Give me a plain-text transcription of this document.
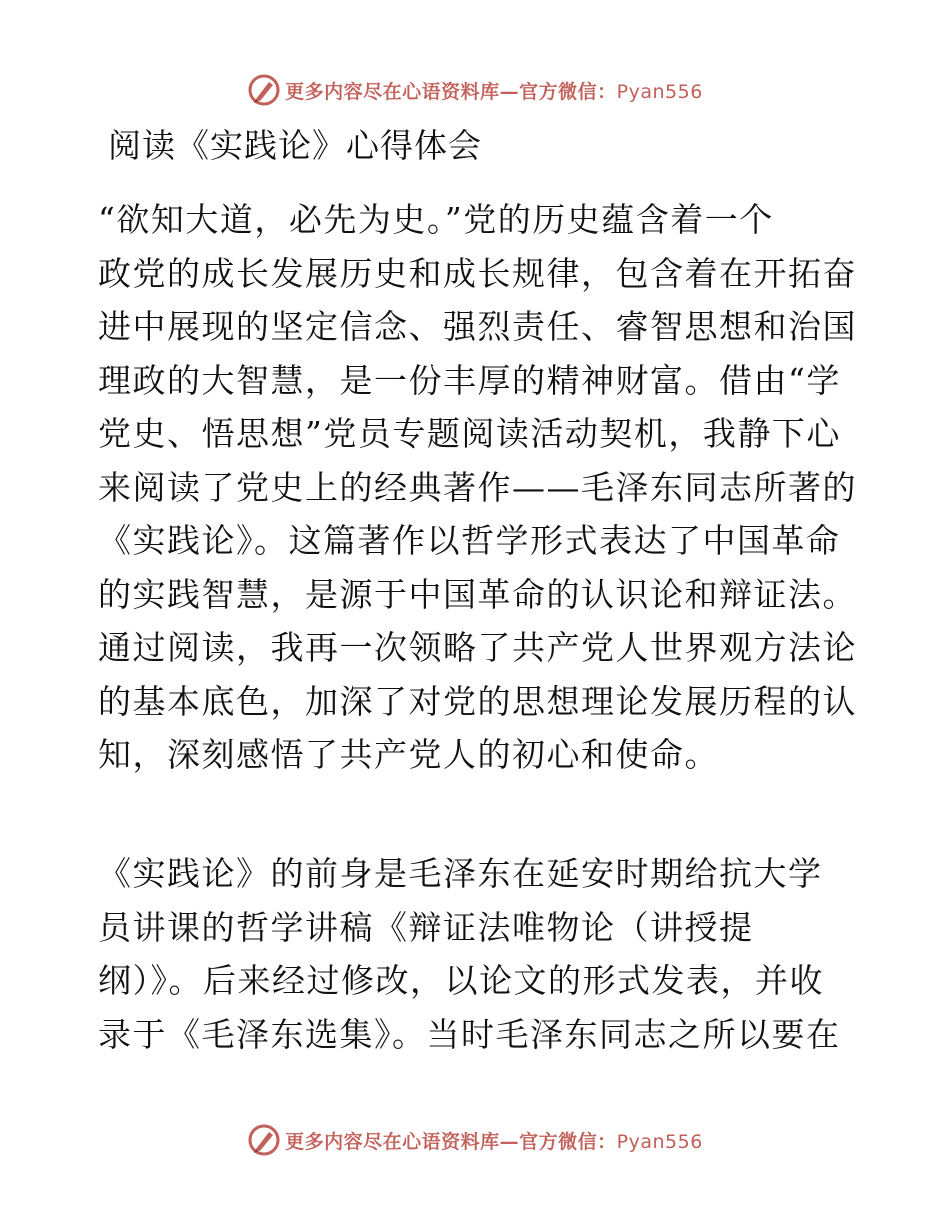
更多内容尽在心语资料库—官方微信：Pyan556
阅读《实践论》心得体会
“欲知大道，必先为史。”党的历史蕴含着一个
政党的成长发展历史和成长规律，包含着在开拓奋
进中展现的坚定信念、强烈责任、睿智思想和治国
理政的大智慧，是一份丰厚的精神财富。借由“学
党史、悟思想”党员专题阅读活动契机，我静下心
来阅读了党史上的经典著作——毛泽东同志所著的
《实践论》。这篇著作以哲学形式表达了中国革命
的实践智慧，是源于中国革命的认识论和辩证法。
通过阅读，我再一次领略了共产党人世界观方法论
的基本底色，加深了对党的思想理论发展历程的认
知，深刻感悟了共产党人的初心和使命。
《实践论》的前身是毛泽东在延安时期给抗大学
员讲课的哲学讲稿《辩证法唯物论（讲授提
纲）》。后来经过修改，以论文的形式发表，并收
录于《毛泽东选集》。当时毛泽东同志之所以要在
更多内容尽在心语资料库—官方微信：Pyan556
